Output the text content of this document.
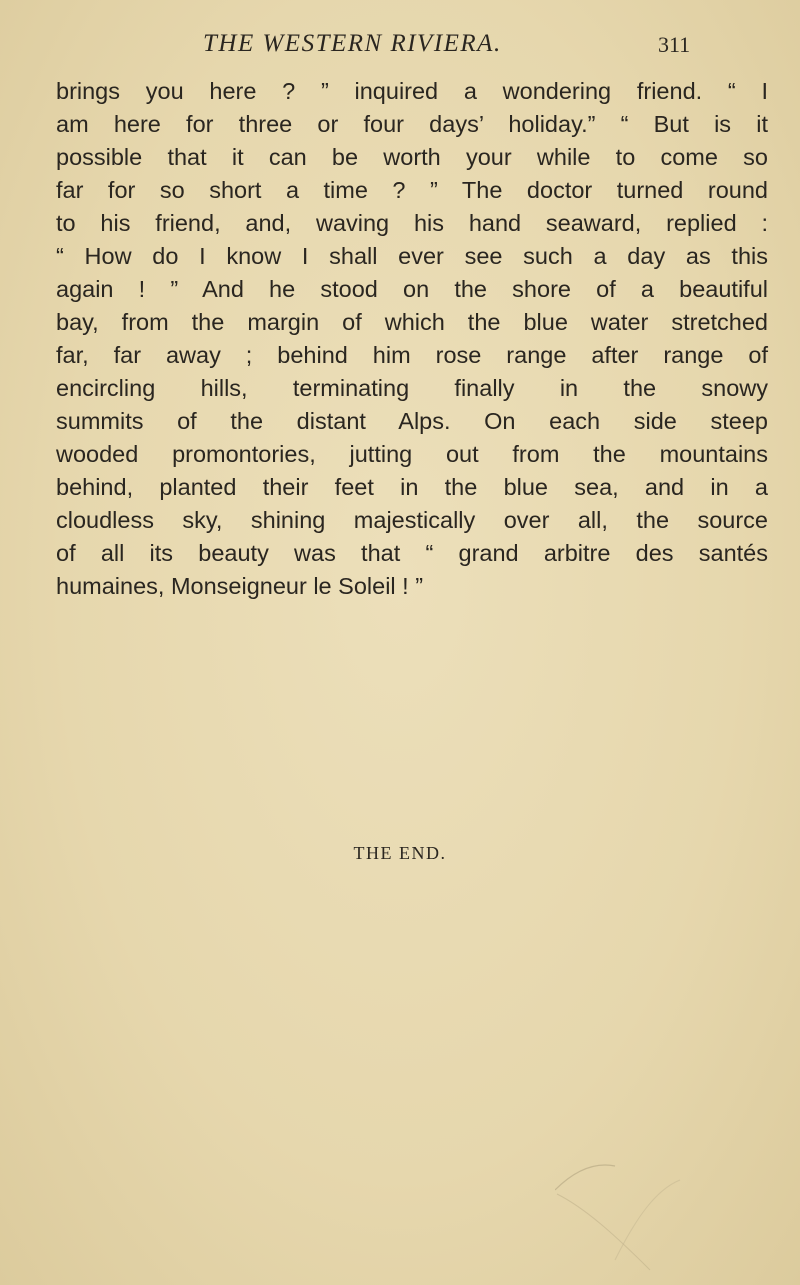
THE WESTERN RIVIERA.	311
brings you here ? ” inquired a wondering friend. “ I
am here for three or four days’ holiday.” “ But is it
possible that it can be worth your while to come so
far for so short a time ? ” The doctor turned round
to his friend, and, waving his hand seaward, replied :
“ How do I know I shall ever see such a day as this
again ! ” And he stood on the shore of a beautiful
bay, from the margin of which the blue water stretched
far, far away ; behind him rose range after range of
encircling hills, terminating finally in the snowy
summits of the distant Alps. On each side steep
wooded promontories, jutting out from the mountains
behind, planted their feet in the blue sea, and in a
cloudless sky, shining majestically over all, the source
of all its beauty was that “ grand arbitre des santés
humaines, Monseigneur le Soleil ! ”
THE END.
